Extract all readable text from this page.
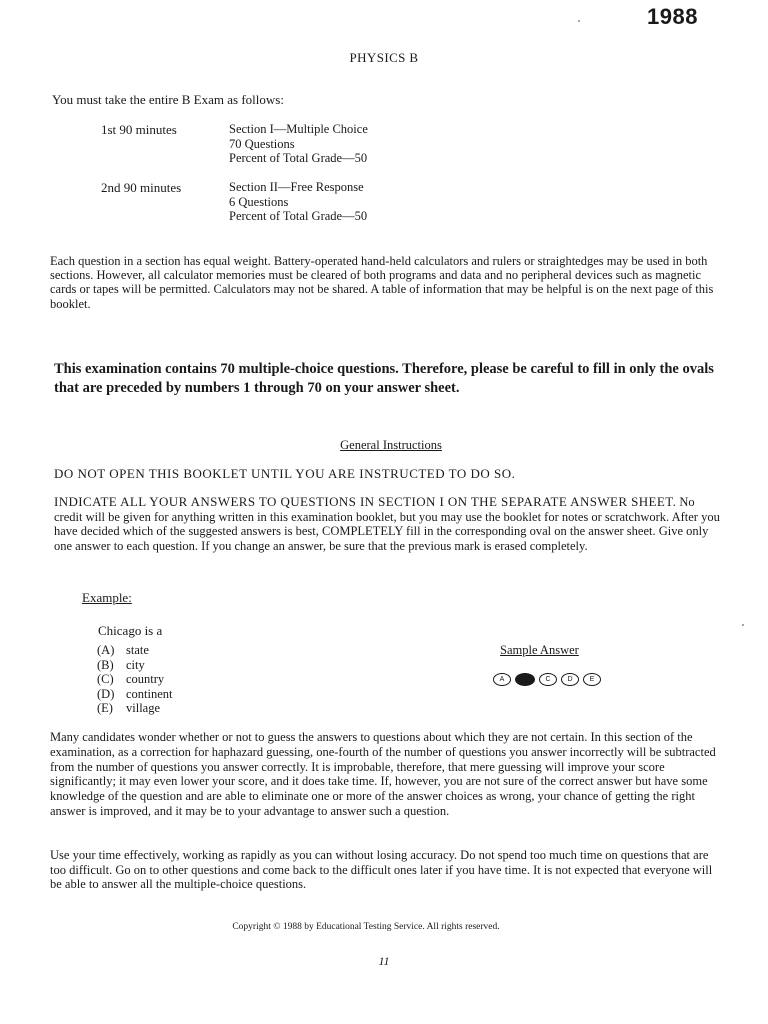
1988
PHYSICS B
You must take the entire B Exam as follows:
1st 90 minutes	Section I—Multiple Choice
70 Questions
Percent of Total Grade—50
2nd 90 minutes	Section II—Free Response
6 Questions
Percent of Total Grade—50
Each question in a section has equal weight. Battery-operated hand-held calculators and rulers or straightedges may be used in both sections. However, all calculator memories must be cleared of both programs and data and no peripheral devices such as magnetic cards or tapes will be permitted. Calculators may not be shared. A table of information that may be helpful is on the next page of this booklet.
This examination contains 70 multiple-choice questions. Therefore, please be careful to fill in only the ovals that are preceded by numbers 1 through 70 on your answer sheet.
General Instructions
DO NOT OPEN THIS BOOKLET UNTIL YOU ARE INSTRUCTED TO DO SO.
INDICATE ALL YOUR ANSWERS TO QUESTIONS IN SECTION I ON THE SEPARATE ANSWER SHEET. No credit will be given for anything written in this examination booklet, but you may use the booklet for notes or scratchwork. After you have decided which of the suggested answers is best, COMPLETELY fill in the corresponding oval on the answer sheet. Give only one answer to each question. If you change an answer, be sure that the previous mark is erased completely.
Example:
Chicago is a
(A) state
(B) city
(C) country
(D) continent
(E)	village
Sample Answer
A	B	C	D	E
Many candidates wonder whether or not to guess the answers to questions about which they are not certain. In this section of the examination, as a correction for haphazard guessing, one-fourth of the number of questions you answer incorrectly will be subtracted from the number of questions you answer correctly. It is improbable, therefore, that mere guessing will improve your score significantly; it may even lower your score, and it does take time. If, however, you are not sure of the correct answer but have some knowledge of the question and are able to eliminate one or more of the answer choices as wrong, your chance of getting the right answer is improved, and it may be to your advantage to answer such a question.
Use your time effectively, working as rapidly as you can without losing accuracy. Do not spend too much time on questions that are too difficult. Go on to other questions and come back to the difficult ones later if you have time. It is not expected that everyone will be able to answer all the multiple-choice questions.
Copyright © 1988 by Educational Testing Service. All rights reserved.
11
